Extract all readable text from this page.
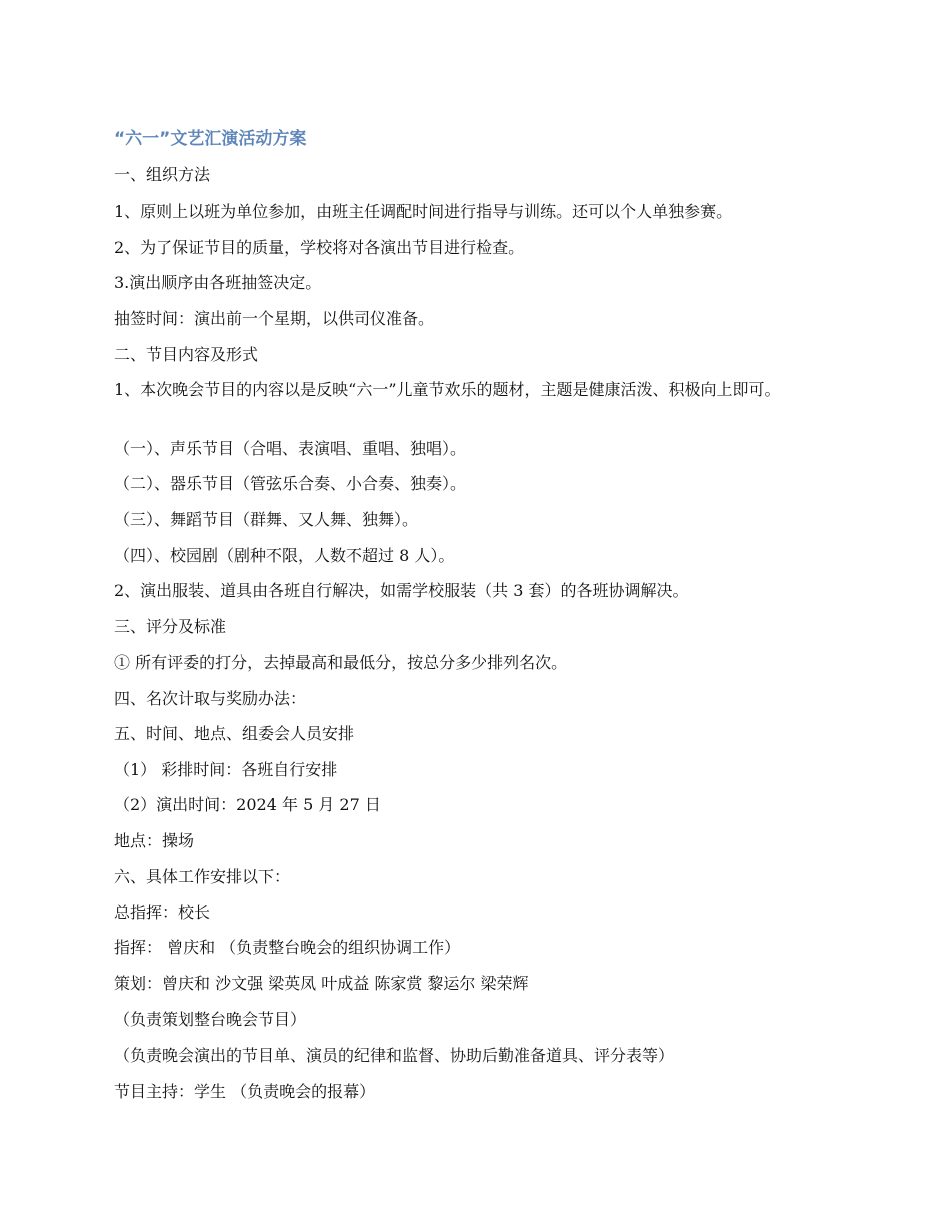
“六一”文艺汇演活动方案
一、组织方法
1、原则上以班为单位参加，由班主任调配时间进行指导与训练。还可以个人单独参赛。
2、为了保证节目的质量，学校将对各演出节目进行检查。
3.演出顺序由各班抽签决定。
抽签时间：演出前一个星期，以供司仪准备。
二、节目内容及形式
1、本次晚会节目的内容以是反映“六一”儿童节欢乐的题材，主题是健康活泼、积极向上即可。
（一）、声乐节目（合唱、表演唱、重唱、独唱）。
（二）、器乐节目（管弦乐合奏、小合奏、独奏）。
（三）、舞蹈节目（群舞、又人舞、独舞）。
（四）、校园剧（剧种不限，人数不超过 8 人）。
2、演出服装、道具由各班自行解决，如需学校服装（共 3 套）的各班协调解决。
三、评分及标准
① 所有评委的打分，去掉最高和最低分，按总分多少排列名次。
四、名次计取与奖励办法：
五、时间、地点、组委会人员安排
（1） 彩排时间：各班自行安排
（2）演出时间：2024 年 5 月 27 日
地点：操场
六、具体工作安排以下：
总指挥：校长
指挥： 曾庆和 （负责整台晚会的组织协调工作）
策划：曾庆和 沙文强 梁英凤 叶成益 陈家赏 黎运尔 梁荣辉
（负责策划整台晚会节目）
（负责晚会演出的节目单、演员的纪律和监督、协助后勤准备道具、评分表等）
节目主持：学生 （负责晚会的报幕）
